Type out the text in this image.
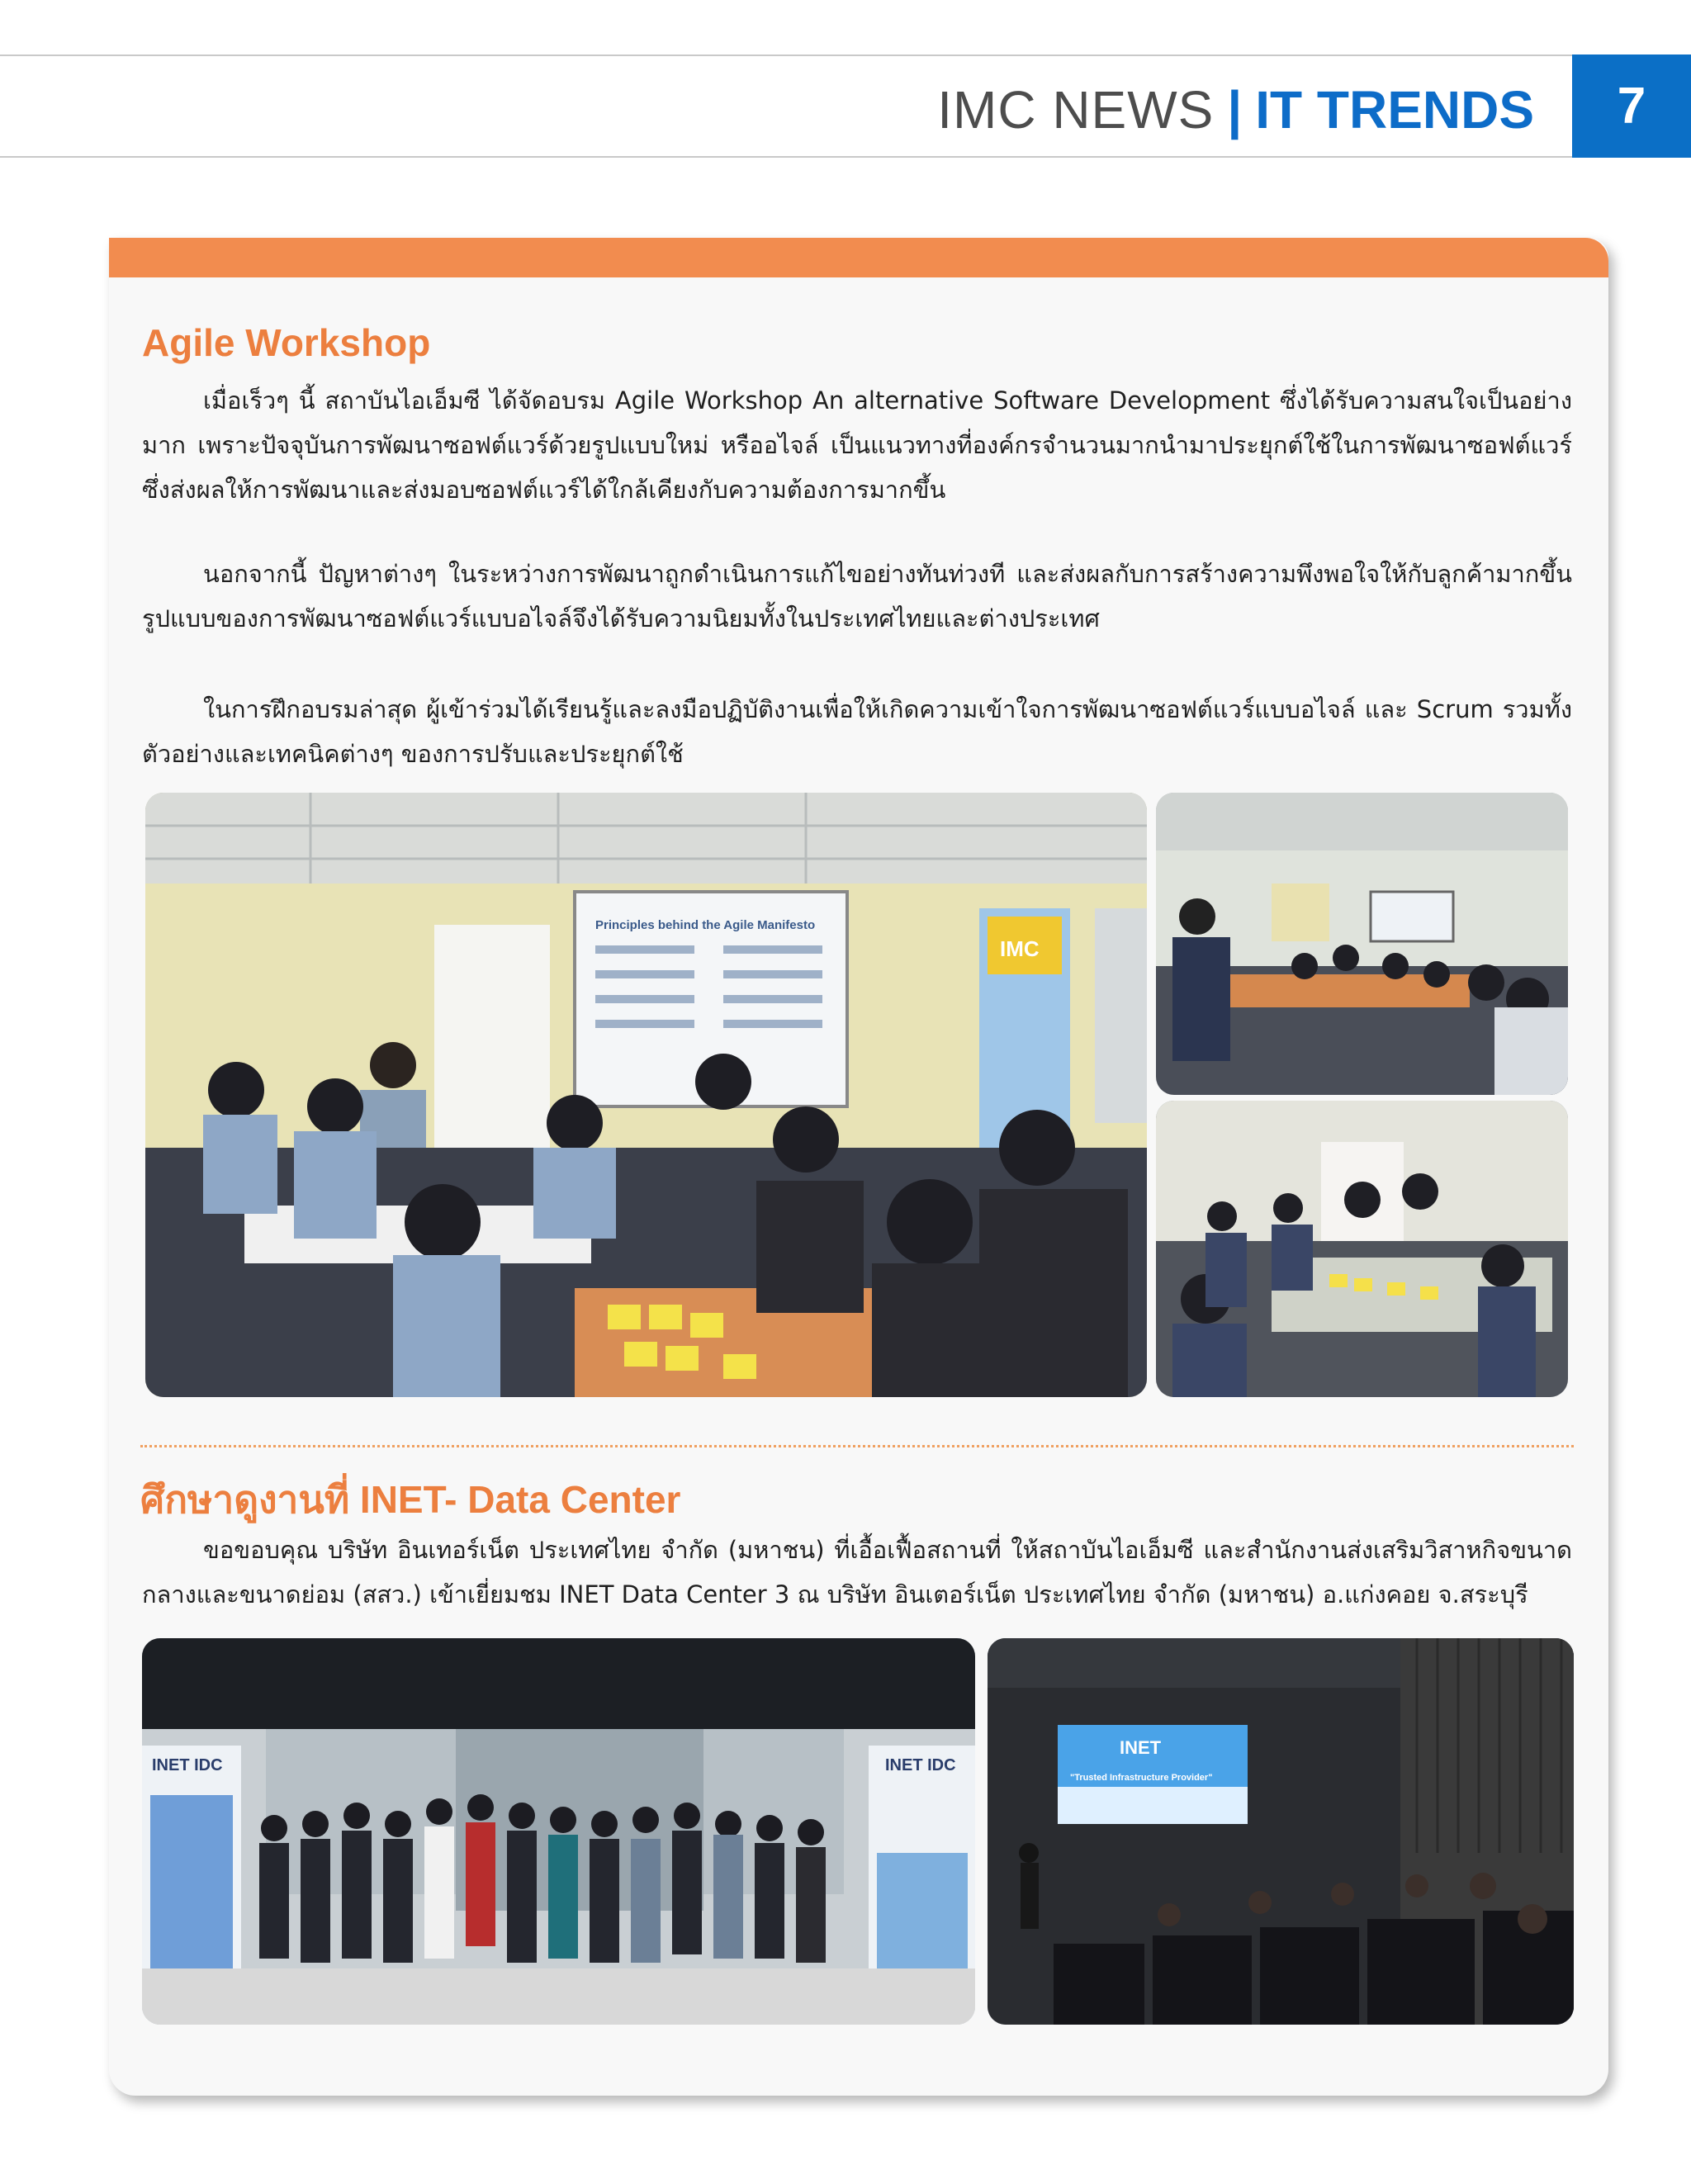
IMC NEWS | IT TRENDS	7
Agile Workshop

เมื่อเร็วๆ นี้ สถาบันไอเอ็มซี ได้จัดอบรม Agile Workshop An alternative Software Development ซึ่งได้รับความสนใจเป็นอย่างมาก เพราะปัจจุบันการพัฒนาซอฟต์แวร์ด้วยรูปแบบใหม่ หรืออไจล์ เป็นแนวทางที่องค์กรจำนวนมากนำมาประยุกต์ใช้ในการพัฒนาซอฟต์แวร์ ซึ่งส่งผลให้การพัฒนาและส่งมอบซอฟต์แวร์ได้ใกล้เคียงกับความต้องการมากขึ้น

นอกจากนี้ ปัญหาต่างๆ ในระหว่างการพัฒนาถูกดำเนินการแก้ไขอย่างทันท่วงที และส่งผลกับการสร้างความพึงพอใจให้กับลูกค้ามากขึ้น รูปแบบของการพัฒนาซอฟต์แวร์แบบอไจล์จึงได้รับความนิยมทั้งในประเทศไทยและต่างประเทศ

ในการฝึกอบรมล่าสุด ผู้เข้าร่วมได้เรียนรู้และลงมือปฏิบัติงานเพื่อให้เกิดความเข้าใจการพัฒนาซอฟต์แวร์แบบอไจล์ และ Scrum รวมทั้งตัวอย่างและเทคนิคต่างๆ ของการปรับและประยุกต์ใช้

Principles behind the Agile Manifesto
IMC
ศึกษาดูงานที่ INET- Data Center

ขอขอบคุณ บริษัท อินเทอร์เน็ต ประเทศไทย จำกัด (มหาชน) ที่เอื้อเฟื้อสถานที่ ให้สถาบันไอเอ็มซี และสำนักงานส่งเสริมวิสาหกิจขนาดกลางและขนาดย่อม (สสว.) เข้าเยี่ยมชม INET Data Center 3 ณ บริษัท อินเตอร์เน็ต ประเทศไทย จำกัด (มหาชน) อ.แก่งคอย จ.สระบุรี

INET IDC	INET IDC
INET
"Trusted Infrastructure Provider"
